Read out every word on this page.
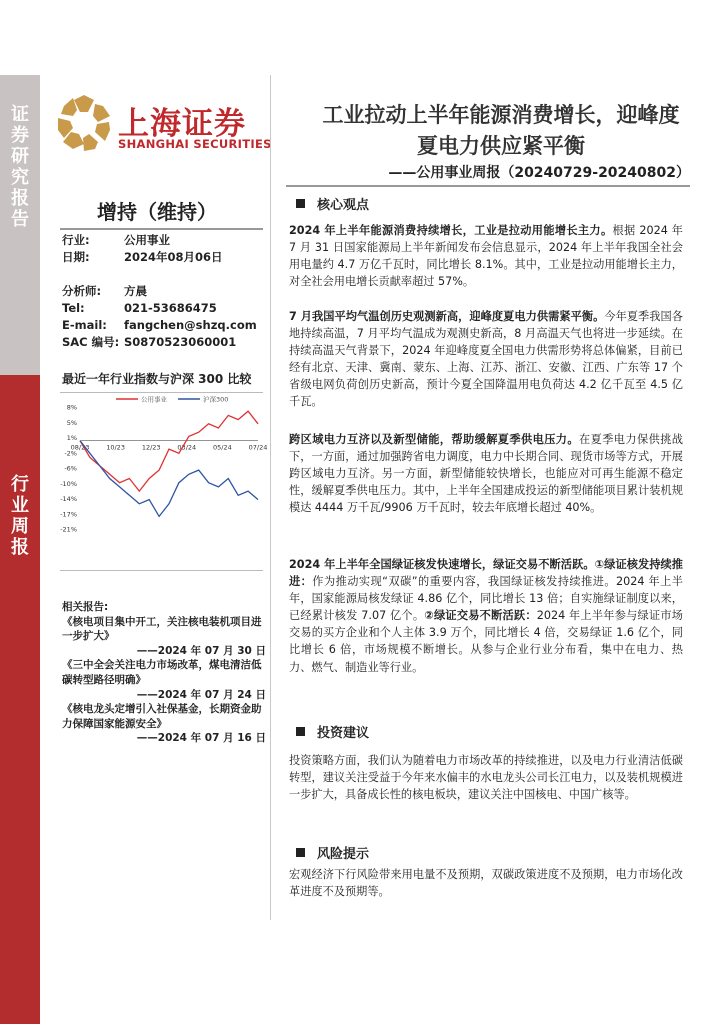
证券研究报告
行业周报
上海证券
SHANGHAI SECURITIES
工业拉动上半年能源消费增长，迎峰度
夏电力供应紧平衡
——公用事业周报（20240729-20240802）
增持（维持）
行业:	公用事业
日期:	2024年08月06日
分析师: 方晨
Tel:	021-53686475
E-mail: fangchen@shzq.com
SAC 编号: S0870523060001
最近一年行业指数与沪深 300 比较
8%
5%
1%
-2%
-6%
-10%
-14%
-17%
-21%
08/23	10/23	12/23	03/24	05/24	07/24
公用事业	沪深300
相关报告:
《核电项目集中开工，关注核电装机项目进一步扩大》
——2024 年 07 月 30 日
《三中全会关注电力市场改革，煤电清洁低碳转型路径明确》
——2024 年 07 月 24 日
《核电龙头定增引入社保基金，长期资金助力保障国家能源安全》
——2024 年 07 月 16 日
核心观点
2024 年上半年能源消费持续增长，工业是拉动用能增长主力。根据 2024 年 7 月 31 日国家能源局上半年新闻发布会信息显示，2024 年上半年我国全社会用电量约 4.7 万亿千瓦时，同比增长 8.1%。其中，工业是拉动用能增长主力，对全社会用电增长贡献率超过 57%。
7 月我国平均气温创历史观测新高，迎峰度夏电力供需紧平衡。今年夏季我国各地持续高温，7 月平均气温成为观测史新高，8 月高温天气也将进一步延续。在持续高温天气背景下，2024 年迎峰度夏全国电力供需形势将总体偏紧，目前已经有北京、天津、冀南、蒙东、上海、江苏、浙江、安徽、江西、广东等 17 个省级电网负荷创历史新高，预计今夏全国降温用电负荷达 4.2 亿千瓦至 4.5 亿千瓦。
跨区域电力互济以及新型储能，帮助缓解夏季供电压力。在夏季电力保供挑战下，一方面，通过加强跨省电力调度，电力中长期合同、现货市场等方式，开展跨区域电力互济。另一方面，新型储能较快增长，也能应对可再生能源不稳定性，缓解夏季供电压力。其中，上半年全国建成投运的新型储能项目累计装机规模达 4444 万千瓦/9906 万千瓦时，较去年底增长超过 40%。
2024 年上半年全国绿证核发快速增长，绿证交易不断活跃。①绿证核发持续推进：作为推动实现“双碳”的重要内容，我国绿证核发持续推进。2024 年上半年，国家能源局核发绿证 4.86 亿个，同比增长 13 倍；自实施绿证制度以来，已经累计核发 7.07 亿个。②绿证交易不断活跃：2024 年上半年参与绿证市场交易的买方企业和个人主体 3.9 万个，同比增长 4 倍，交易绿证 1.6 亿个，同比增长 6 倍，市场规模不断增长。从参与企业行业分布看，集中在电力、热力、燃气、制造业等行业。
投资建议
投资策略方面，我们认为随着电力市场改革的持续推进，以及电力行业清洁低碳转型，建议关注受益于今年来水偏丰的水电龙头公司长江电力，以及装机规模进一步扩大，具备成长性的核电板块，建议关注中国核电、中国广核等。
风险提示
宏观经济下行风险带来用电量不及预期，双碳政策进度不及预期，电力市场化改革进度不及预期等。
